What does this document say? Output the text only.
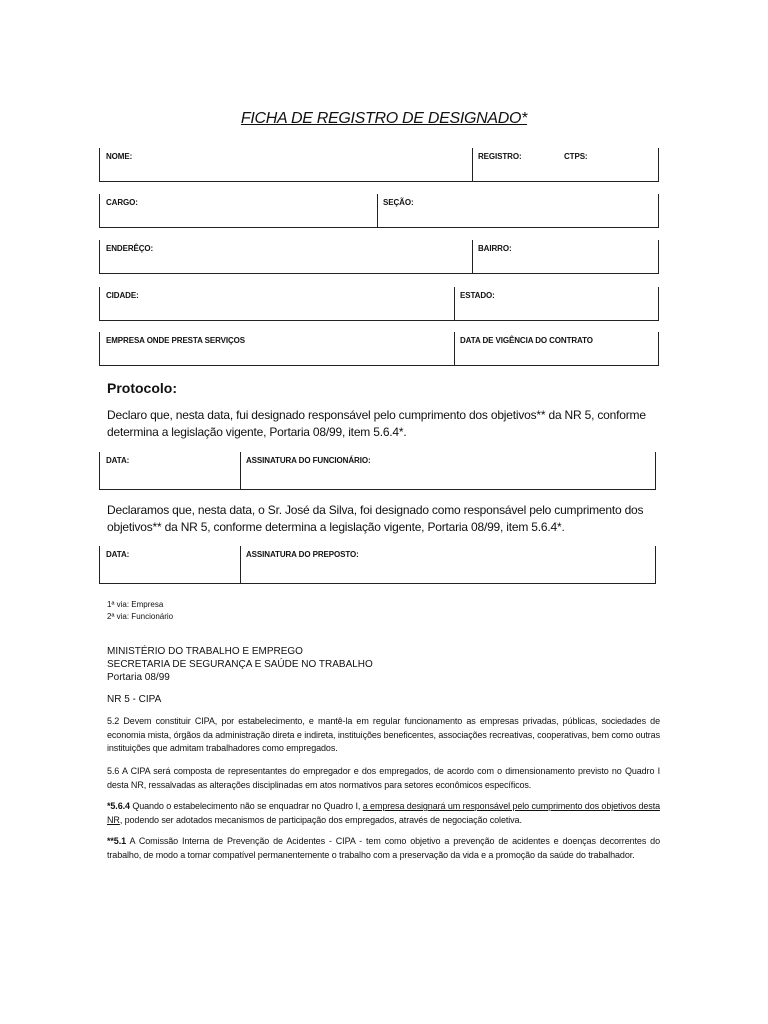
FICHA DE REGISTRO DE DESIGNADO*
NOME:	REGISTRO:	CTPS:
CARGO:	SEÇÃO:
ENDERÊÇO:	BAIRRO:
CIDADE:	ESTADO:
EMPRESA ONDE PRESTA SERVIÇOS	DATA DE VIGÊNCIA DO CONTRATO
Protocolo:
Declaro que, nesta data, fui designado responsável pelo cumprimento dos objetivos** da NR 5, conforme determina a legislação vigente, Portaria 08/99, item 5.6.4*.
DATA:	ASSINATURA DO FUNCIONÁRIO:
Declaramos que, nesta data, o Sr. José da Silva, foi designado como responsável pelo cumprimento dos objetivos** da NR 5, conforme determina a legislação vigente, Portaria 08/99, item 5.6.4*.
DATA:	ASSINATURA DO PREPOSTO:
1ª via: Empresa
2ª via: Funcionário
MINISTÉRIO DO TRABALHO E EMPREGO
SECRETARIA DE SEGURANÇA E SAÚDE NO TRABALHO
Portaria 08/99
NR 5 - CIPA
5.2 Devem constituir CIPA, por estabelecimento, e mantê-la em regular funcionamento as empresas privadas, públicas, sociedades de economia mista, órgãos da administração direta e indireta, instituições beneficentes, associações recreativas, cooperativas, bem como outras instituições que admitam trabalhadores como empregados.
5.6 A CIPA será composta de representantes do empregador e dos empregados, de acordo com o dimensionamento previsto no Quadro I desta NR, ressalvadas as alterações disciplinadas em atos normativos para setores econômicos específicos.
*5.6.4 Quando o estabelecimento não se enquadrar no Quadro I, a empresa designará um responsável pelo cumprimento dos objetivos desta NR, podendo ser adotados mecanismos de participação dos empregados, através de negociação coletiva.
**5.1 A Comissão Interna de Prevenção de Acidentes - CIPA - tem como objetivo a prevenção de acidentes e doenças decorrentes do trabalho, de modo a tornar compatível permanentemente o trabalho com a preservação da vida e a promoção da saúde do trabalhador.
